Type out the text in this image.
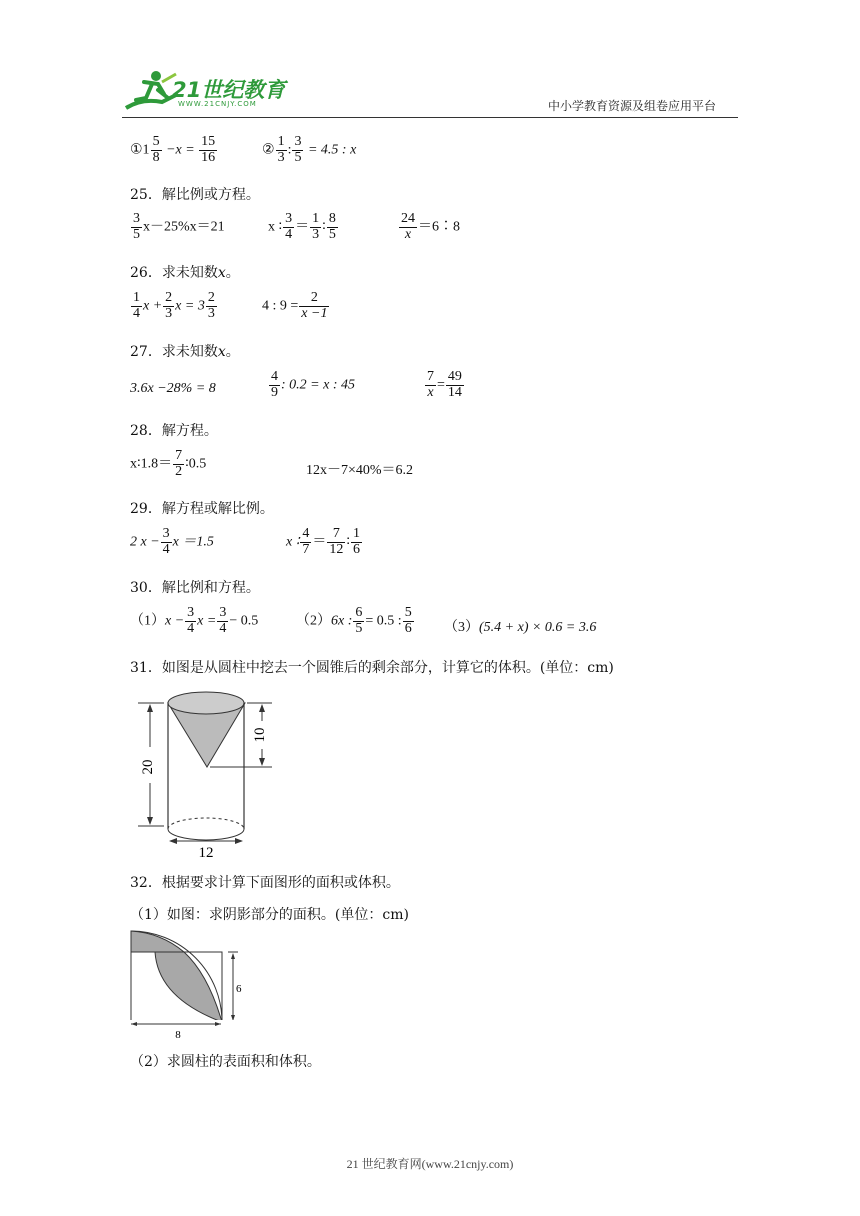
21世纪教育
WWW.21CNJY.COM	中小学教育资源及组卷应用平台
①1 $\frac{5}{8} -x = \frac{15}{16}$	② $\frac{1}{3}$ : $\frac{3}{5} = 4.5$ : x
25．解比例或方程。
$\frac{3}{5} x-25\%x=21$	x ∶ $\frac{3}{4} = \frac{1}{3}$ ∶ $\frac{8}{5}$	$\frac{24}{x}$ ＝6∶8
26．求未知数x。
$\frac{1}{4}$ $x + \frac{2}{3}$ $x = 3 \frac{2}{3}$	4 : $9 = \frac{2}{x -1}$
27．求未知数x。
3.6x −28% = 8	$\frac{4}{9}$ : 0.2 = x : 45	$\frac{7}{x} = \frac{49}{14}$
28．解方程。
x∶1.8＝ $\frac{7}{2}$ ∶0.5	12x－7×40%＝6.2
29．解方程或解比例。
2 $x - \frac{3}{4}$ x ＝1.5	x ∶ $\frac{4}{7} = \frac{7}{12}$ ∶ $\frac{1}{6}$
30．解比例和方程。
$(1)x - \frac{3}{4}$ $x = \frac{3}{4} - 0.5$	（2）6x : $\frac{6}{5} = 0.5$ : $\frac{5}{6} (3)(5.4 + x) \times 0.6 = 3.6$
31．如图是从圆柱中挖去一个圆锥后的剩余部分，计算它的体积。(单位：cm)
20
10
12
32．根据要求计算下面图形的面积或体积。
（1）如图：求阴影部分的面积。(单位：cm)
6
8
（2）求圆柱的表面积和体积。
21 世纪教育网(www.21cnjy.com)
